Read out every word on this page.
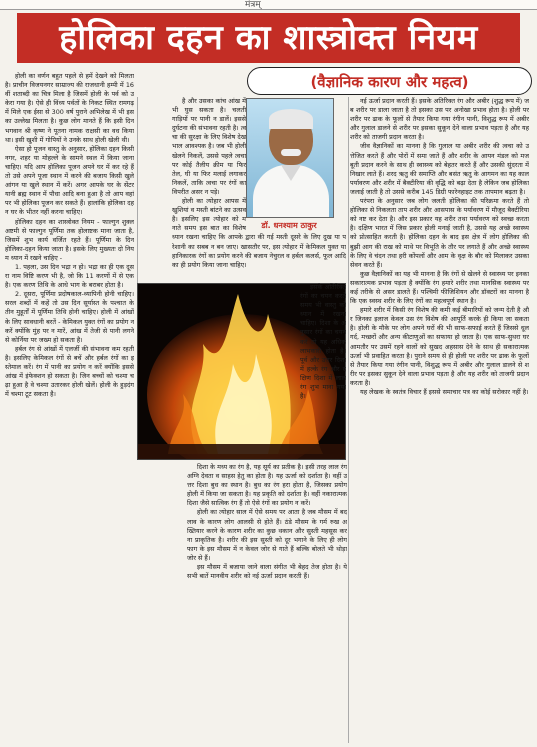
मंत्रम्
होलिका दहन का शास्त्रोक्त नियम
(वैज्ञानिक कारण और महत्व)

होली का वर्णन बहुत पहले से हमें देखने को मिलता है। प्राचीन विजयनगर साम्राज्य की राजधानी हम्पी में 16वीं शताब्दी का चित्र मिला है जिसमें होली के पर्व को उकेरा गया है। ऐसे ही विंध्य पर्वतों के निकट स्थित रामगढ़ में मिले एक ईसा से 300 वर्ष पुराने अभिलेख में भी इसका उल्लेख मिलता है। कुछ लोग मानते हैं कि इसी दिन भगवान श्री कृष्ण ने पूतना नामक राक्षसी का वध किया था। इसी खुशी में गोपियों ने उनके साथ होली खेली थी।

ऐसा हो पूजन वास्तु के अनुसार, होलिका दहन किसी नगर, शहर या मोहल्ले के सामने स्थल में किया जाना चाहिए। यदि आप होलिका पूजन अपने घर में कर रहे हैं तो उसे अपने पूजा स्थान में करने की बजाय किसी खुले आंगन या खुले स्थान में करें। अगर आपके घर के सेंटर यानी ब्रह्म स्थान में पौधा आदि बना हुआ है तो आप वहां पर भी होलिका पूजन कर सकते हैं। हालांकि होलिका दहन घर के भीतर नहीं करना चाहिए।

होलिका दहन का शास्त्रोक्त नियम - फाल्गुन शुक्ल अष्टमी से फाल्गुन पूर्णिमा तक होलाष्टक माना जाता है, जिसमें शुभ कार्य वर्जित रहते हैं। पूर्णिमा के दिन होलिका-दहन किया जाता है। इसके लिए मुख्यतः दो नियम ध्यान में रखने चाहिए -

1. पहला, उस दिन भद्रा न हो। भद्रा का ही एक दूसरा नाम विष्टि करण भी है, जो कि 11 करणों में से एक है। एक करण तिथि के आधे भाग के बराबर होता है।

2. दूसरा, पूर्णिमा प्रदोषकाल-व्यापिनी होनी चाहिए। सरल शब्दों में कहें तो उस दिन सूर्यास्त के पश्चात के तीन मुहूर्तों में पूर्णिमा तिथि होनी चाहिए। होली में आंखों के लिए सावधानी बरतें - केमिकल युक्त रंगों का प्रयोग न करें क्योंकि मुंह पर न मारें, आंख में तेजी से पानी लगने से कोर्निया पर जख्म हो सकता है।

हर्बल रंग से आंखों में एलर्जी की संभावना कम रहती है। इसलिए केमिकल रंगों से बचें और हर्बल रंगों का इस्तेमाल करें। रंग में पानी का प्रयोग न करें क्योंकि इससे आंख में इंफेक्शन हो सकता है। जिन बच्चों को चश्मा चढ़ा हुआ है वे चश्मा उतारकर होली खेलें। होली के हुड़दंग में चश्मा टूट सकता है।

है और उसका कांच आंख में भी घुस सकता है। चलती गाड़ियों पर पानी न डालें। इससे दुर्घटना की संभावना रहती है। त्वचा की सुरक्षा के लिए विशेष देखभाल आवश्यक है। जब भी होली खेलने निकलें, उससे पहले त्वचा पर कोई तैलीय क्रीम या फिर तेल, घी या फिर मलाई लगाकर निकलें, ताकि त्वचा पर रंगों का विपरीत असर न पड़े।

होली का त्योहार आपस में खुशियां व मस्ती बांटने का उत्सव है। इसलिए इस त्योहार को मनाते समय इस बात का विशेष ध्यान रखना चाहिए कि आपके द्वारा की गई मस्ती दूसरे के लिए दुख या परेशानी का सबब न बन जाए। खासतौर पर, इस त्योहार में केमिकल युक्त या हानिकारक रंगों का प्रयोग करने की बजाय नेचुरल व हर्बल कलर्स, फूल आदि का ही प्रयोग किया जाना चाहिए।

डॉ. धनश्याम ठाकुर

दिशा के मध्य का रंग है, यह सूर्य का प्रतीक है। इसी तरह लाल रंग अग्नि देवता व साहस हेतु का होता है। यह ऊर्जा को दर्शाता है। वहीं उत्तर दिशा बुध का स्थान है। बुध का रंग हरा होता है, जिसका प्रयोग होली में किया जा सकता है। यह प्रकृति को दर्शाता है। वहीं नकारात्मक दिशा जैसे सात्विक रंग हैं तो ऐसे रंगों का प्रयोग न करें।

होली का त्योहार साल में ऐसे समय पर आता है जब मौसम में बदलाव के कारण लोग आलसी से होते हैं। ठंडे मौसम के गर्म रुख अख्तियार करने के कारण शरीर का कुछ थकान और सुस्ती महसूस करना प्राकृतिक है। शरीर की इस सुस्ती को दूर भगाने के लिए ही लोग फाग के इस मौसम में न केवल जोर से गाते हैं बल्कि बोलते भी थोड़ा जोर से हैं।

इस मौसम में बजाया जाने वाला संगीत भी बेहद तेज होता है। ये सभी बातें मानवीय शरीर को नई ऊर्जा प्रदान करती हैं।

इसके अतिरिक्त रंगों का चयन करते समय भी वास्तु को ध्यान में रखना चाहिए। दिशा के अनुसार रंगों का चयन करें तो यह अधिक लाभकारी होता है। पूर्व और उत्तर दिशा में हल्के रंग और दक्षिण दिशा में लाल रंग शुभ माना गया है।

नई ऊर्जा प्रदान करती हैं। इसके अतिरिक्त रंग और अबीर (शुद्ध रूप में) जब शरीर पर डाला जाता है तो इसका उस पर अनोखा प्रभाव होता है। होली पर शरीर पर ढाक के फूलों से तैयार किया गया रंगीन पानी, विशुद्ध रूप में अबीर और गुलाल डालने से शरीर पर इसका सुकून देने वाला प्रभाव पड़ता है और यह शरीर को ताजगी प्रदान करता है।

जीव वैज्ञानिकों का मानना है कि गुलाल या अबीर शरीर की त्वचा को उत्तेजित करते हैं और पोरों में समा जाते हैं और शरीर के आयन मंडल को मजबूती प्रदान करने के साथ ही स्वास्थ्य को बेहतर करते हैं और उसकी सुंदरता में निखार लाते हैं। शरद ऋतु की समाप्ति और बसंत ऋतु के आगमन का यह काल पर्यावरण और शरीर में बैक्टीरिया की वृद्धि को बढ़ा देता है लेकिन जब होलिका जलाई जाती है तो उससे करीब 145 डिग्री फारेनहाइट तक तापमान बढ़ता है।

परंपरा के अनुसार जब लोग जलती होलिका की परिक्रमा करते हैं तो होलिका से निकलता ताप शरीर और आसपास के पर्यावरण में मौजूद बैक्टीरिया को नष्ट कर देता है। और इस प्रकार यह शरीर तथा पर्यावरण को स्वच्छ करता है। दक्षिण भारत में जिस प्रकार होली मनाई जाती है, उससे यह अच्छे स्वास्थ्य को प्रोत्साहित करती है। होलिका दहन के बाद इस क्षेत्र में लोग होलिका की बुझी आग की राख को माथे पर विभूति के तौर पर लगाते हैं और अच्छे स्वास्थ्य के लिए वे चंदन तथा हरी कोंपलों और आम के वृक्ष के बौर को मिलाकर उसका सेवन करते हैं।

कुछ वैज्ञानिकों का यह भी मानना है कि रंगों से खेलने से स्वास्थ्य पर इनका सकारात्मक प्रभाव पड़ता है क्योंकि रंग हमारे शरीर तथा मानसिक स्वास्थ्य पर कई तरीके से असर डालते हैं। पश्चिमी फीजिशियन और डॉक्टरों का मानना है कि एक स्वस्थ शरीर के लिए रंगों का महत्वपूर्ण स्थान है।

हमारे शरीर में किसी रंग विशेष की कमी कई बीमारियों को जन्म देती है और जिनका इलाज केवल उस रंग विशेष की आपूर्ति करके ही किया जा सकता है। होली के मौके पर लोग अपने घरों की भी साफ-सफाई करते हैं जिससे धूल गर्द, मच्छरों और अन्य कीटाणुओं का सफाया हो जाता है। एक साफ-सुथरा घर आमतौर पर उसमें रहने वालों को सुखद अहसास देने के साथ ही सकारात्मक ऊर्जा भी प्रवाहित करता है। पुराने समय से ही होली पर शरीर पर ढाक के फूलों से तैयार किया गया रंगीन पानी, विशुद्ध रूप में अबीर और गुलाल डालने से शरीर पर इसका सुकून देने वाला प्रभाव पड़ता है और यह शरीर को ताजगी प्रदान करता है।

यह लेखक के स्वतंत्र विचार हैं इससे समाचार पत्र का कोई सरोकार नहीं है।
